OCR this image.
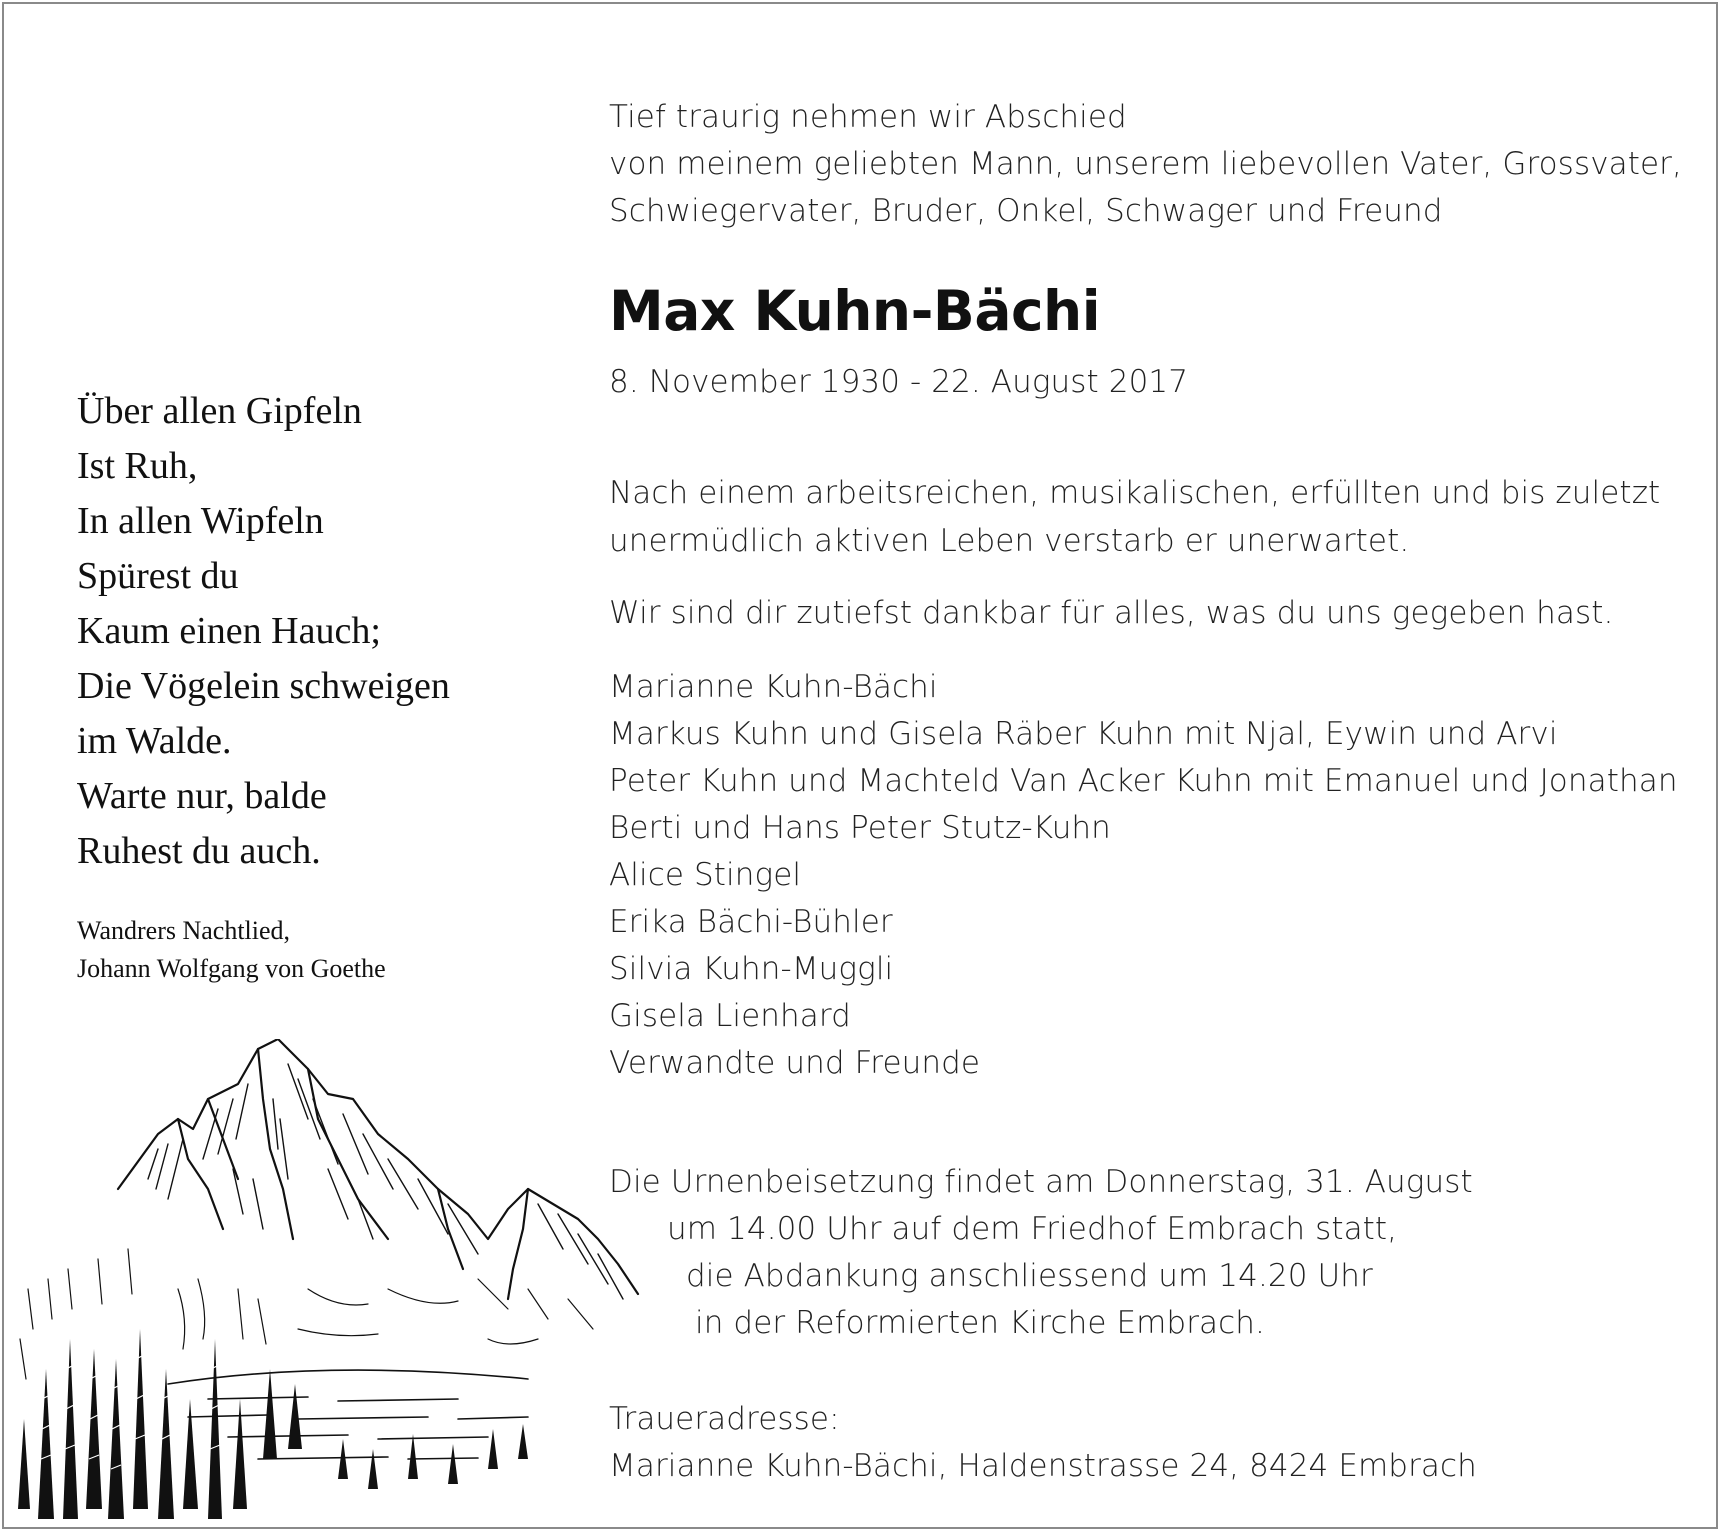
Tief traurig nehmen wir Abschied
von meinem geliebten Mann, unserem liebevollen Vater, Grossvater,
Schwiegervater, Bruder, Onkel, Schwager und Freund
Max Kuhn-Bächi
8. November 1930 - 22. August 2017
Nach einem arbeitsreichen, musikalischen, erfüllten und bis zuletzt
unermüdlich aktiven Leben verstarb er unerwartet.
Wir sind dir zutiefst dankbar für alles, was du uns gegeben hast.
Marianne Kuhn-Bächi
Markus Kuhn und Gisela Räber Kuhn mit Njal, Eywin und Arvi
Peter Kuhn und Machteld Van Acker Kuhn mit Emanuel und Jonathan
Berti und Hans Peter Stutz-Kuhn
Alice Stingel
Erika Bächi-Bühler
Silvia Kuhn-Muggli
Gisela Lienhard
Verwandte und Freunde
Die Urnenbeisetzung findet am Donnerstag, 31. August
um 14.00 Uhr auf dem Friedhof Embrach statt,
die Abdankung anschliessend um 14.20 Uhr
in der Reformierten Kirche Embrach.
Traueradresse:
Marianne Kuhn-Bächi, Haldenstrasse 24, 8424 Embrach
Über allen Gipfeln
Ist Ruh,
In allen Wipfeln
Spürest du
Kaum einen Hauch;
Die Vögelein schweigen
im Walde.
Warte nur, balde
Ruhest du auch.
Wandrers Nachtlied,
Johann Wolfgang von Goethe
